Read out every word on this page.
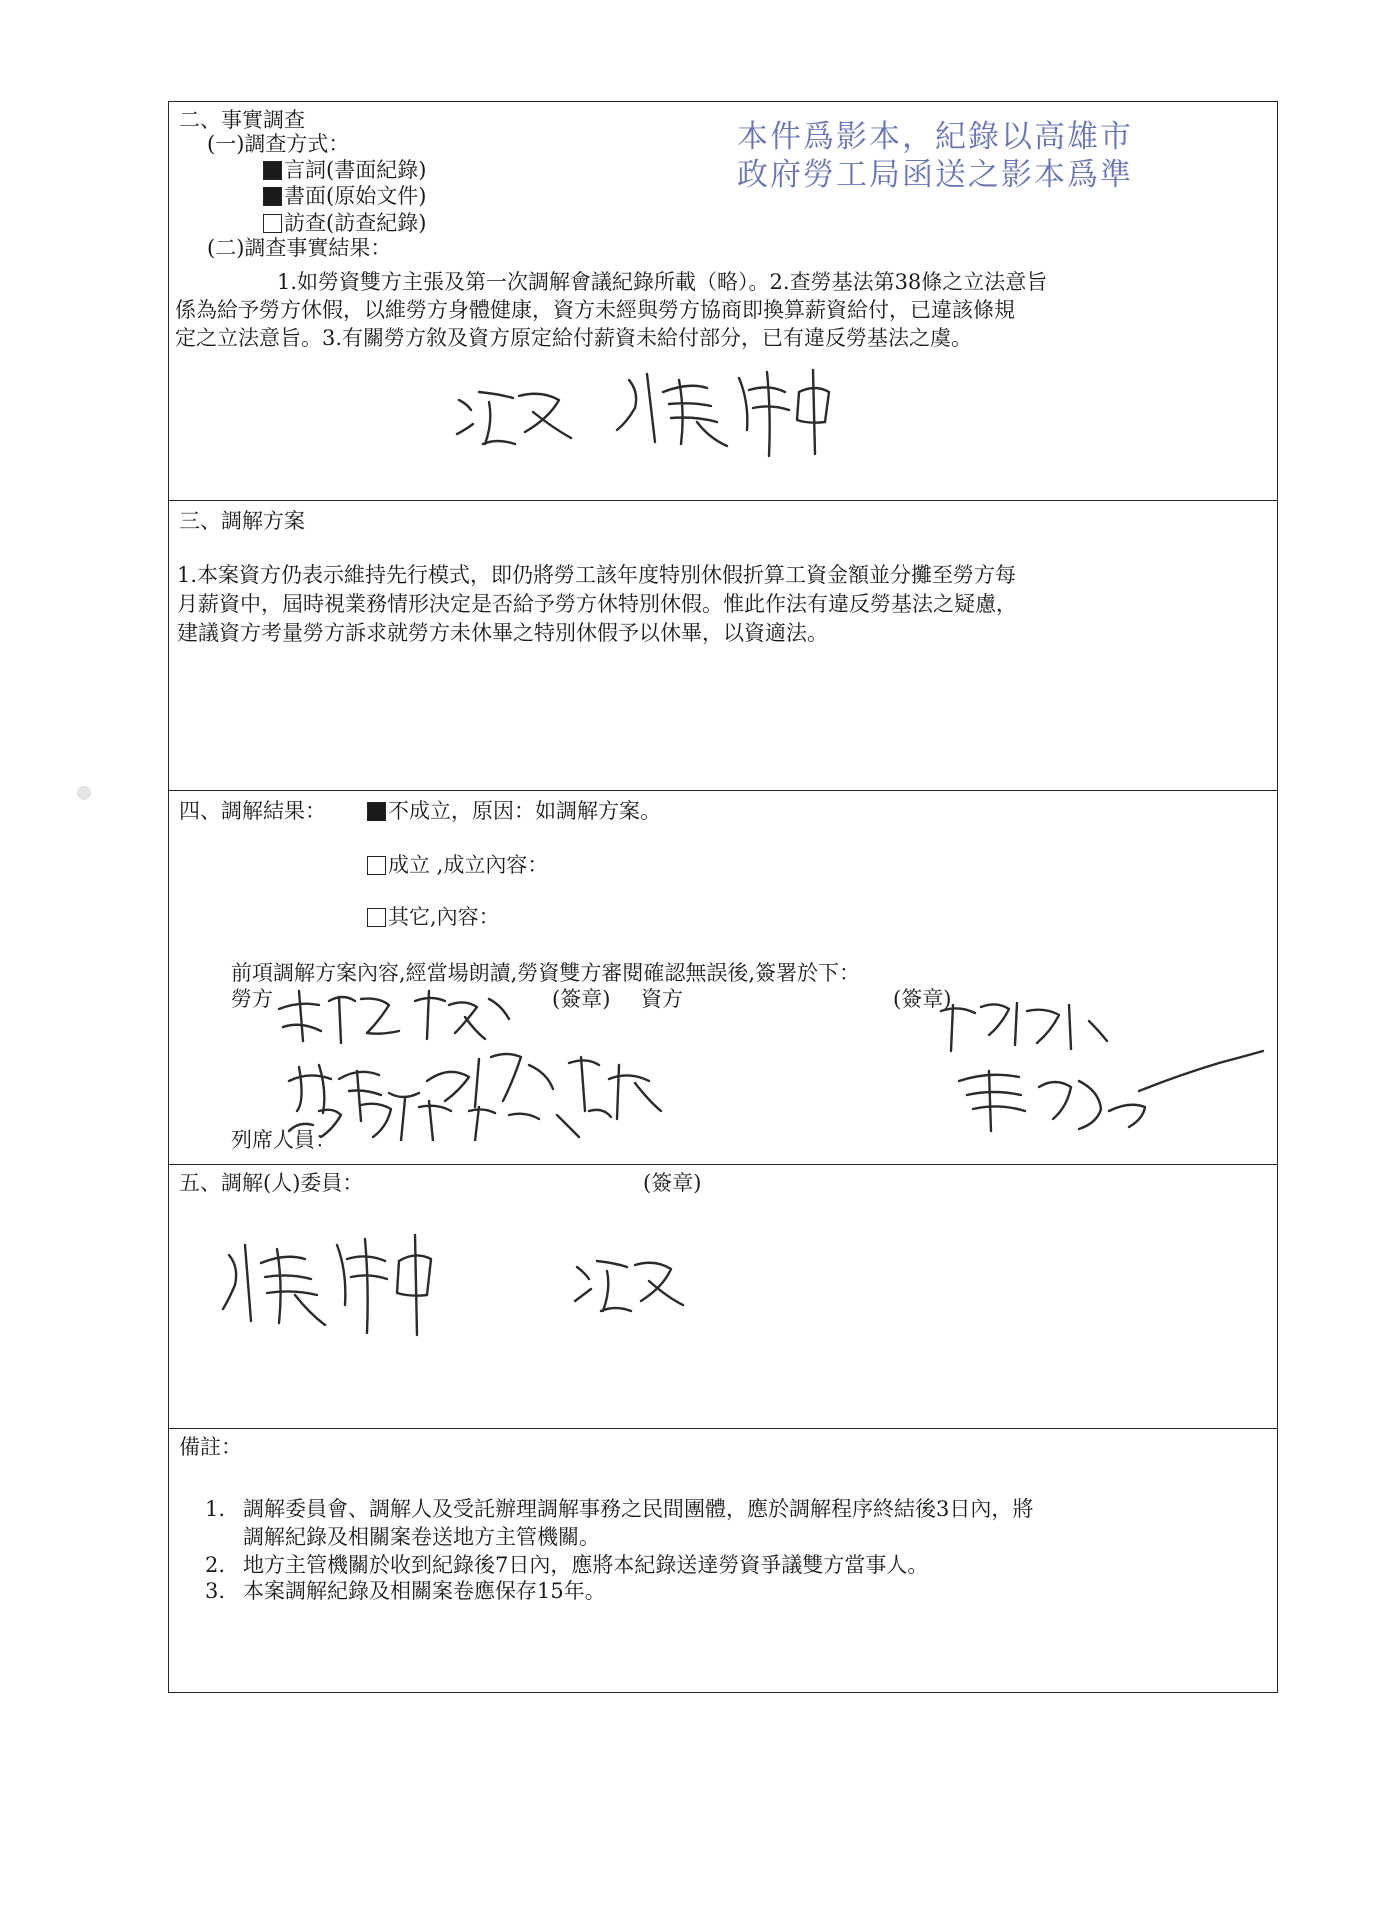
二、事實調查
(一)調查方式：
言詞(書面紀錄)
書面(原始文件)
訪查(訪查紀錄)
(二)調查事實結果：
1.如勞資雙方主張及第一次調解會議紀錄所載（略）。2.查勞基法第38條之立法意旨
係為給予勞方休假，以維勞方身體健康，資方未經與勞方協商即換算薪資給付，已違該條規
定之立法意旨。3.有關勞方敘及資方原定給付薪資未給付部分，已有違反勞基法之虞。
本件爲影本，紀錄以高雄市
政府勞工局函送之影本爲準
三、調解方案
1.本案資方仍表示維持先行模式，即仍將勞工該年度特別休假折算工資金額並分攤至勞方每
月薪資中，屆時視業務情形決定是否給予勞方休特別休假。惟此作法有違反勞基法之疑慮，
建議資方考量勞方訴求就勞方未休畢之特別休假予以休畢，以資適法。
四、調解結果：	不成立，原因：如調解方案。
成立 ,成立內容：
其它,內容：
前項調解方案內容,經當場朗讀,勞資雙方審閱確認無誤後,簽署於下：
勞方	(簽章) 資方	(簽章)
列席人員：
五、調解(人)委員：	(簽章)
備註：
1. 調解委員會、調解人及受託辦理調解事務之民間團體，應於調解程序終結後3日內，將
調解紀錄及相關案卷送地方主管機關。
2. 地方主管機關於收到紀錄後7日內，應將本紀錄送達勞資爭議雙方當事人。
3. 本案調解紀錄及相關案卷應保存15年。
